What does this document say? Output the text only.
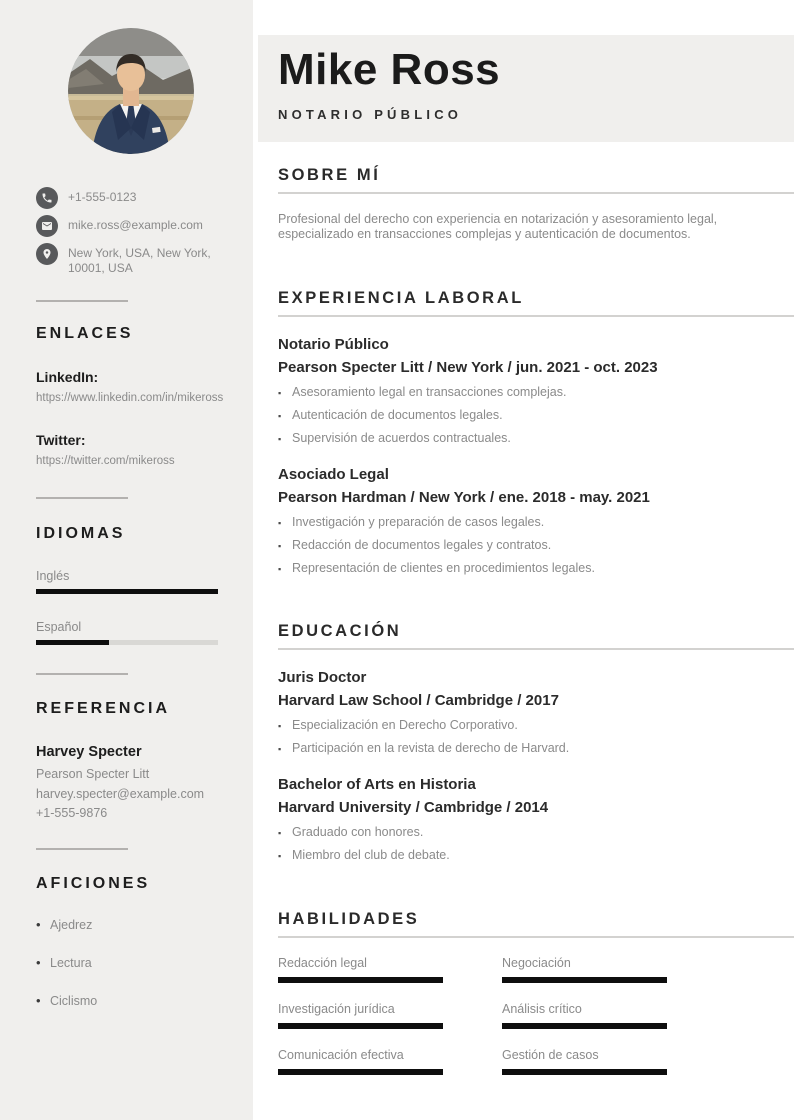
+1-555-0123
mike.ross@example.com
New York, USA, New York, 10001, USA
ENLACES
LinkedIn:
https://www.linkedin.com/in/mikeross
Twitter:
https://twitter.com/mikeross
IDIOMAS
Inglés
Español
REFERENCIA
Harvey Specter
Pearson Specter Litt
harvey.specter@example.com
+1-555-9876
AFICIONES
• Ajedrez
• Lectura
• Ciclismo
Mike Ross
NOTARIO PÚBLICO
SOBRE MÍ

Profesional del derecho con experiencia en notarización y asesoramiento legal, especializado en transacciones complejas y autenticación de documentos.

EXPERIENCIA LABORAL
Notario Público
Pearson Specter Litt / New York / jun. 2021 - oct. 2023
▪ Asesoramiento legal en transacciones complejas.
▪ Autenticación de documentos legales.
▪ Supervisión de acuerdos contractuales.
Asociado Legal
Pearson Hardman / New York / ene. 2018 - may. 2021
▪ Investigación y preparación de casos legales.
▪ Redacción de documentos legales y contratos.
▪ Representación de clientes en procedimientos legales.
EDUCACIÓN
Juris Doctor
Harvard Law School / Cambridge / 2017
▪ Especialización en Derecho Corporativo.
▪ Participación en la revista de derecho de Harvard.
Bachelor of Arts en Historia
Harvard University / Cambridge / 2014
▪ Graduado con honores.
▪ Miembro del club de debate.
HABILIDADES
Redacción legal	Negociación
Investigación jurídica	Análisis crítico
Comunicación efectiva	Gestión de casos
